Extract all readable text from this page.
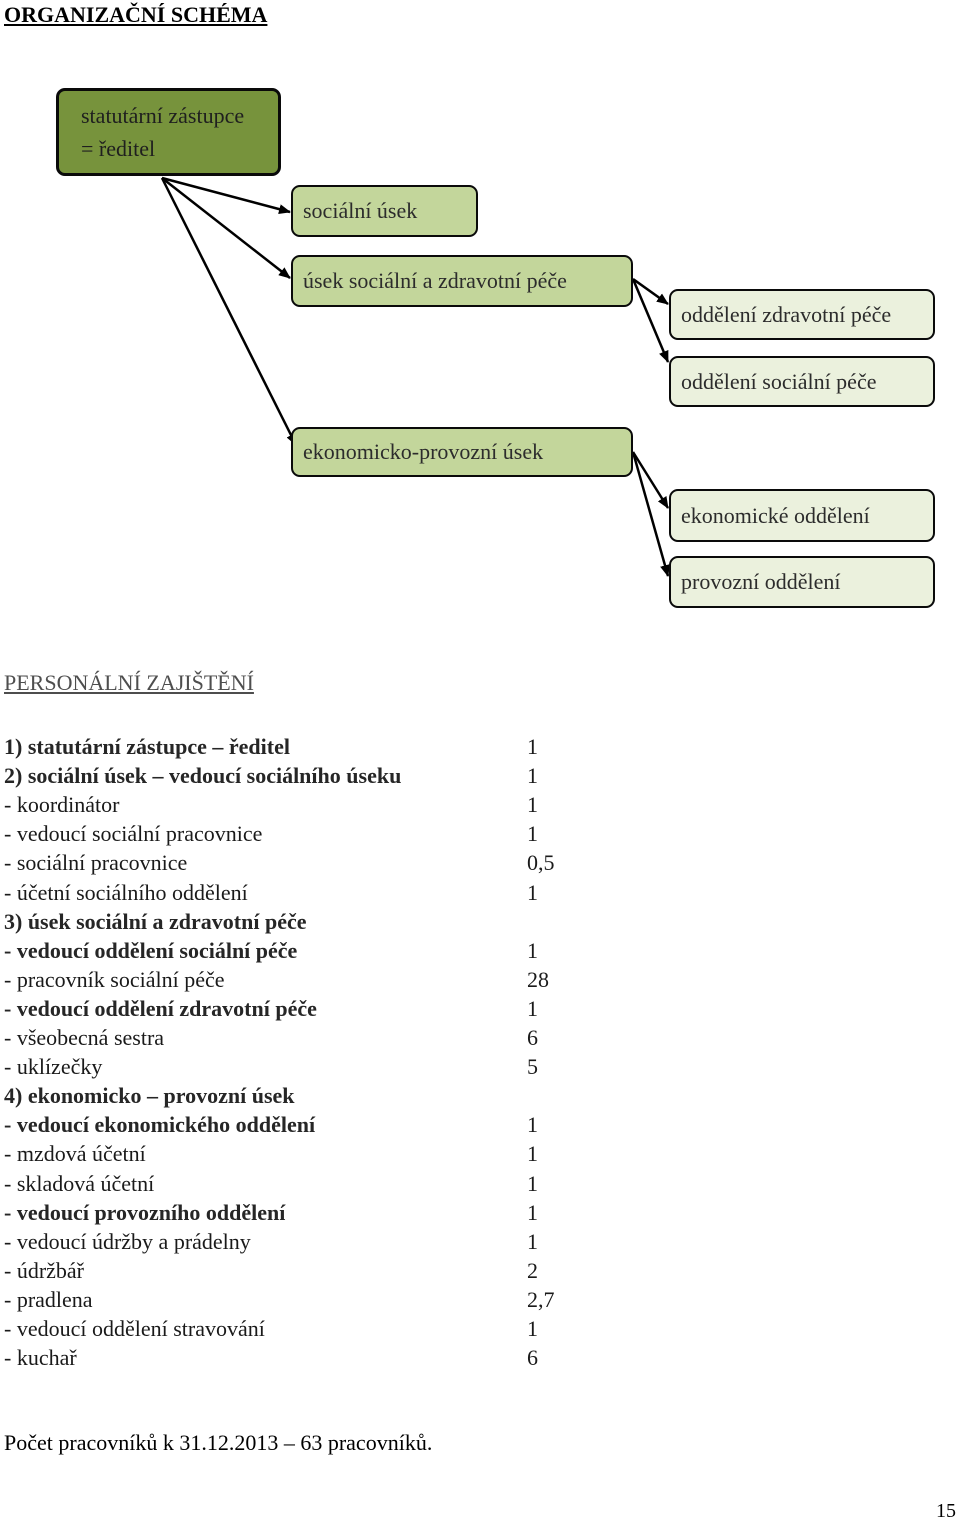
ORGANIZAČNÍ SCHÉMA
statutární zástupce
= ředitel
sociální úsek
úsek sociální a zdravotní péče
oddělení zdravotní péče
oddělení sociální péče
ekonomicko-provozní úsek
ekonomické oddělení
provozní oddělení
PERSONÁLNÍ ZAJIŠTĚNÍ
1) statutární zástupce – ředitel	1
2) sociální úsek – vedoucí sociálního úseku	1
- koordinátor	1
- vedoucí sociální pracovnice	1
- sociální pracovnice	0,5
- účetní sociálního oddělení	1
3) úsek sociální a zdravotní péče
- vedoucí oddělení sociální péče	1
- pracovník sociální péče	28
- vedoucí oddělení zdravotní péče	1
- všeobecná sestra	6
- uklízečky	5
4) ekonomicko – provozní úsek
- vedoucí ekonomického oddělení	1
- mzdová účetní	1
- skladová účetní	1
- vedoucí provozního oddělení	1
- vedoucí údržby a prádelny	1
- údržbář	2
- pradlena	2,7
- vedoucí oddělení stravování	1
- kuchař	6
Počet pracovníků k 31.12.2013 – 63 pracovníků.
15
